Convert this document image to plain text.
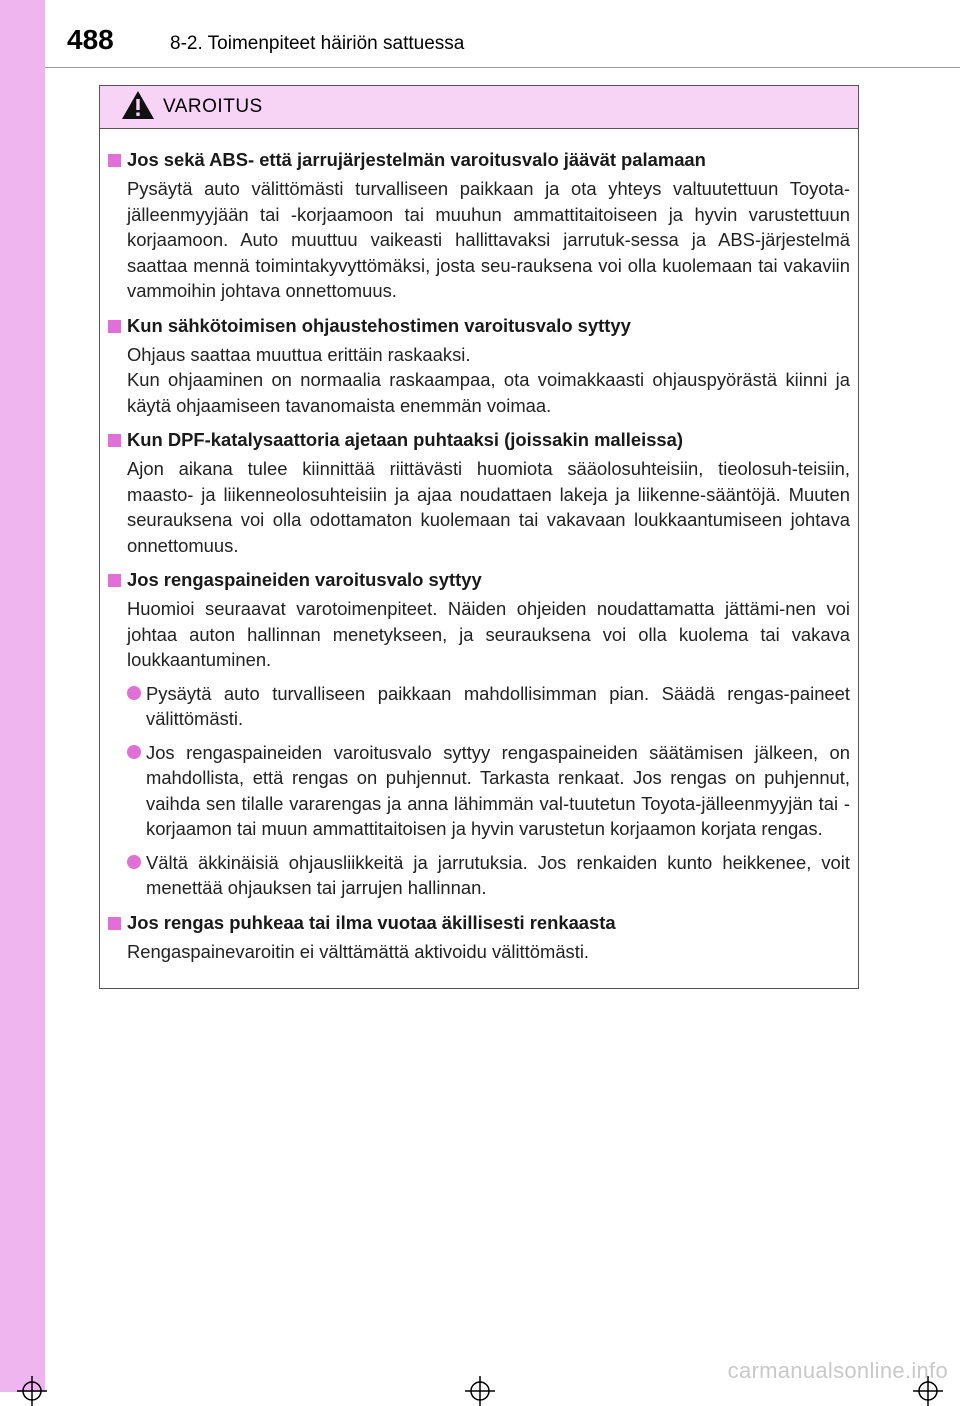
488	8-2. Toimenpiteet häiriön sattuessa
VAROITUS
Jos sekä ABS- että jarrujärjestelmän varoitusvalo jäävät palamaan
Pysäytä auto välittömästi turvalliseen paikkaan ja ota yhteys valtuutettuun Toyota-jälleenmyyjään tai -korjaamoon tai muuhun ammattitaitoiseen ja hyvin varustettuun korjaamoon. Auto muuttuu vaikeasti hallittavaksi jarrutuk-sessa ja ABS-järjestelmä saattaa mennä toimintakyvyttömäksi, josta seu-rauksena voi olla kuolemaan tai vakaviin vammoihin johtava onnettomuus.
Kun sähkötoimisen ohjaustehostimen varoitusvalo syttyy
Ohjaus saattaa muuttua erittäin raskaaksi.
Kun ohjaaminen on normaalia raskaampaa, ota voimakkaasti ohjauspyörästä kiinni ja käytä ohjaamiseen tavanomaista enemmän voimaa.
Kun DPF-katalysaattoria ajetaan puhtaaksi (joissakin malleissa)
Ajon aikana tulee kiinnittää riittävästi huomiota sääolosuhteisiin, tieolosuh-teisiin, maasto- ja liikenneolosuhteisiin ja ajaa noudattaen lakeja ja liikenne-sääntöjä. Muuten seurauksena voi olla odottamaton kuolemaan tai vakavaan loukkaantumiseen johtava onnettomuus.
Jos rengaspaineiden varoitusvalo syttyy
Huomioi seuraavat varotoimenpiteet. Näiden ohjeiden noudattamatta jättämi-nen voi johtaa auton hallinnan menetykseen, ja seurauksena voi olla kuolema tai vakava loukkaantuminen.
Pysäytä auto turvalliseen paikkaan mahdollisimman pian. Säädä rengas-paineet välittömästi.
Jos rengaspaineiden varoitusvalo syttyy rengaspaineiden säätämisen jälkeen, on mahdollista, että rengas on puhjennut. Tarkasta renkaat. Jos rengas on puhjennut, vaihda sen tilalle vararengas ja anna lähimmän val-tuutetun Toyota-jälleenmyyjän tai -korjaamon tai muun ammattitaitoisen ja hyvin varustetun korjaamon korjata rengas.
Vältä äkkinäisiä ohjausliikkeitä ja jarrutuksia. Jos renkaiden kunto heikkenee, voit menettää ohjauksen tai jarrujen hallinnan.
Jos rengas puhkeaa tai ilma vuotaa äkillisesti renkaasta
Rengaspainevaroitin ei välttämättä aktivoidu välittömästi.
carmanualsonline.info
